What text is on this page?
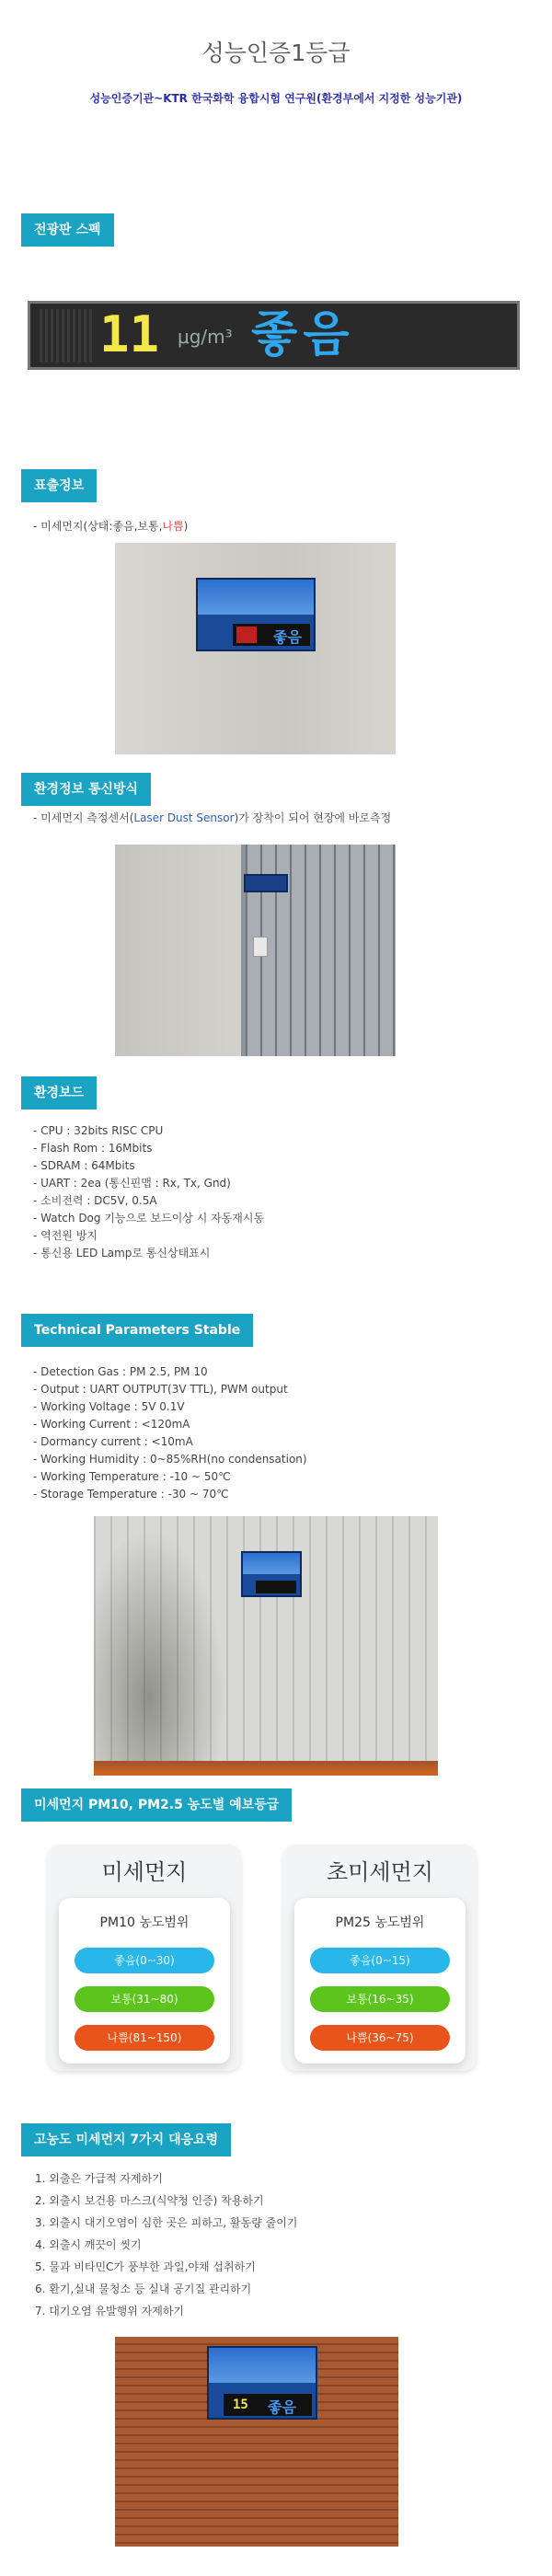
성능인증1등급
성능인증기관~KTR 한국화학 융합시험 연구원(환경부에서 지정한 성능기관)
전광판 스펙
11 μg/m³ 좋음
표출정보
- 미세먼지(상태:좋음,보통,나쁨)
좋음
환경정보 통신방식
- 미세먼지 측정센서(Laser Dust Sensor)가 장착이 되어 현장에 바로측정
환경보드
- CPU : 32bits RISC CPU
- Flash Rom : 16Mbits
- SDRAM : 64Mbits
- UART : 2ea (통신핀맵 : Rx, Tx, Gnd)
- 소비전력 : DC5V, 0.5A
- Watch Dog 기능으로 보드이상 시 자동재시동
- 역전원 방지
- 통신용 LED Lamp로 통신상태표시
Technical Parameters Stable
- Detection Gas : PM 2.5, PM 10
- Output : UART OUTPUT(3V TTL), PWM output
- Working Voltage : 5V 0.1V
- Working Current : <120mA
- Dormancy current : <10mA
- Working Humidity : 0~85%RH(no condensation)
- Working Temperature : -10 ~ 50℃
- Storage Temperature : -30 ~ 70℃
미세먼지 PM10, PM2.5 농도별 예보등급
미세먼지
PM10 농도범위
좋음(0~30)
보통(31~80)
나쁨(81~150)
초미세먼지
PM25 농도범위
좋음(0~15)
보통(16~35)
나쁨(36~75)
고농도 미세먼지 7가지 대응요령
1. 외출은 가급적 자제하기
2. 외출시 보건용 마스크(식약청 인증) 착용하기
3. 외출시 대기오염이 심한 곳은 피하고, 활동량 줄이기
4. 외출시 깨끗이 씻기
5. 물과 비타민C가 풍부한 과일,야채 섭취하기
6. 환기,실내 물청소 등 실내 공기질 관리하기
7. 대기오염 유발행위 자제하기
15 좋음
